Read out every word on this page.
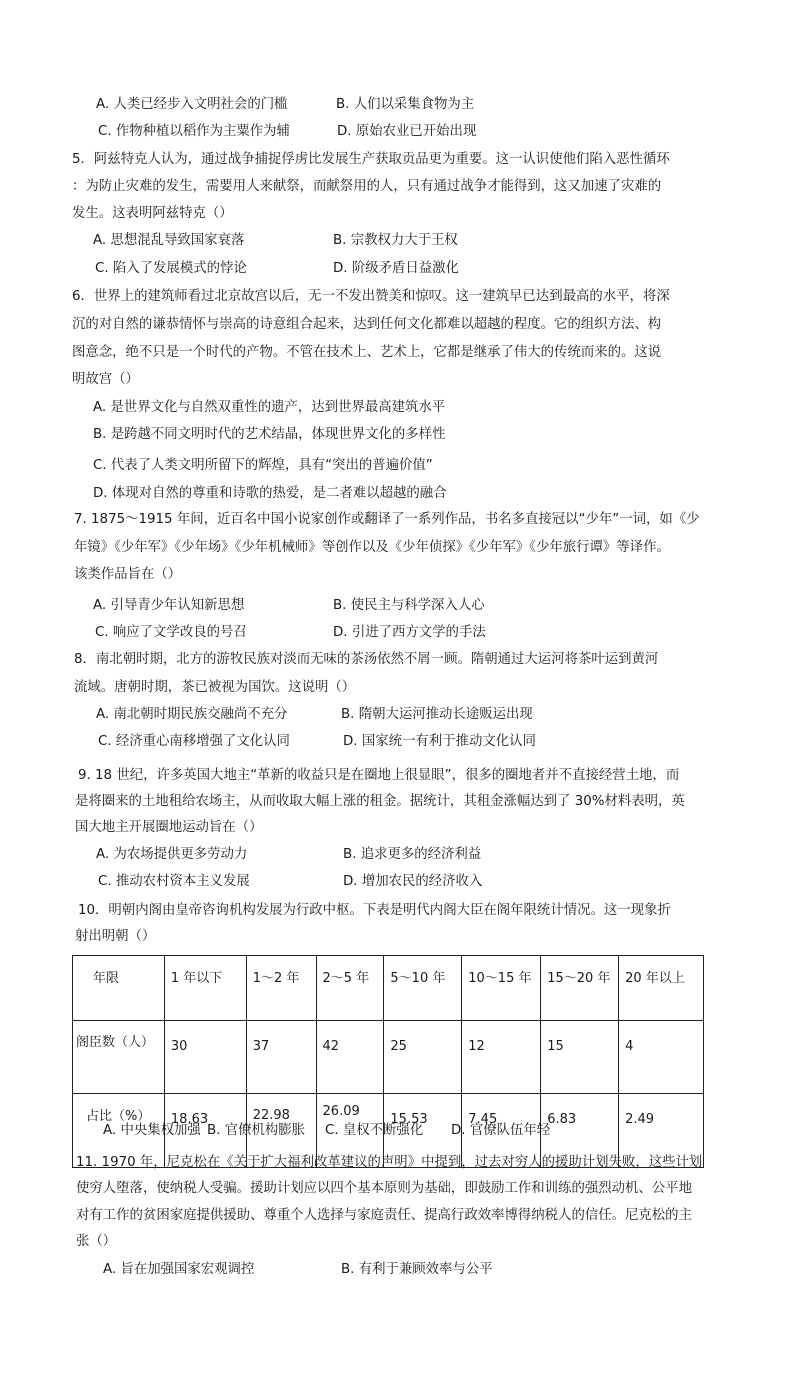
A. 人类已经步入文明社会的门槛	B. 人们以采集食物为主
C. 作物种植以稻作为主粟作为辅	D. 原始农业已开始出现
5．阿兹特克人认为，通过战争捕捉俘虏比发展生产获取贡品更为重要。这一认识使他们陷入恶性循环
：为防止灾难的发生，需要用人来献祭，而献祭用的人，只有通过战争才能得到，这又加速了灾难的
发生。这表明阿兹特克（）
A. 思想混乱导致国家衰落	B. 宗教权力大于王权
C. 陷入了发展模式的悖论	D. 阶级矛盾日益激化
6．世界上的建筑师看过北京故宫以后，无一不发出赞美和惊叹。这一建筑早已达到最高的水平，将深
沉的对自然的谦恭情怀与崇高的诗意组合起来，达到任何文化都难以超越的程度。它的组织方法、构
图意念，绝不只是一个时代的产物。不管在技术上、艺术上，它都是继承了伟大的传统而来的。这说
明故宫（）
A. 是世界文化与自然双重性的遗产，达到世界最高建筑水平
B. 是跨越不同文明时代的艺术结晶，体现世界文化的多样性
C. 代表了人类文明所留下的辉煌，具有“突出的普遍价值”
D. 体现对自然的尊重和诗歌的热爱，是二者难以超越的融合
7. 1875～1915 年间，近百名中国小说家创作或翻译了一系列作品，书名多直接冠以“少年”一词，如《少
年镜》《少年军》《少年场》《少年机械师》等创作以及《少年侦探》《少年军》《少年旅行谭》等译作。
该类作品旨在（）
A. 引导青少年认知新思想	B. 使民主与科学深入人心
C. 响应了文学改良的号召	D. 引进了西方文学的手法
8．南北朝时期，北方的游牧民族对淡而无味的茶汤依然不屑一顾。隋朝通过大运河将茶叶运到黄河
流域。唐朝时期，茶已被视为国饮。这说明（）
A. 南北朝时期民族交融尚不充分	B. 隋朝大运河推动长途贩运出现
C. 经济重心南移增强了文化认同	D. 国家统一有利于推动文化认同
9. 18 世纪，许多英国大地主“革新的收益只是在圈地上很显眼”，很多的圈地者并不直接经营土地，而
是将圈来的土地租给农场主，从而收取大幅上涨的租金。据统计，其租金涨幅达到了 30%材料表明，英
国大地主开展圈地运动旨在（）
A. 为农场提供更多劳动力	B. 追求更多的经济利益
C. 推动农村资本主义发展	D. 增加农民的经济收入
10．明朝内阁由皇帝咨询机构发展为行政中枢。下表是明代内阁大臣在阁年限统计情况。这一现象折
射出明朝（）
年限	1 年以下	1～2 年	2～5 年	5～10 年	10～15 年	15～20 年	20 年以上
阁臣数（人）	30	37	42	25	12	15	4
占比（%）	18.63	22.98	26.09	15.53	7.45	6.83	2.49
A. 中央集权加强 B. 官僚机构膨胀 C. 皇权不断强化 D. 官僚队伍年轻
11. 1970 年，尼克松在《关于扩大福利改革建议的声明》中提到，过去对穷人的援助计划失败，这些计划
使穷人堕落，使纳税人受骗。援助计划应以四个基本原则为基础，即鼓励工作和训练的强烈动机、公平地
对有工作的贫困家庭提供援助、尊重个人选择与家庭责任、提高行政效率博得纳税人的信任。尼克松的主
张（）
A. 旨在加强国家宏观调控	B. 有利于兼顾效率与公平
